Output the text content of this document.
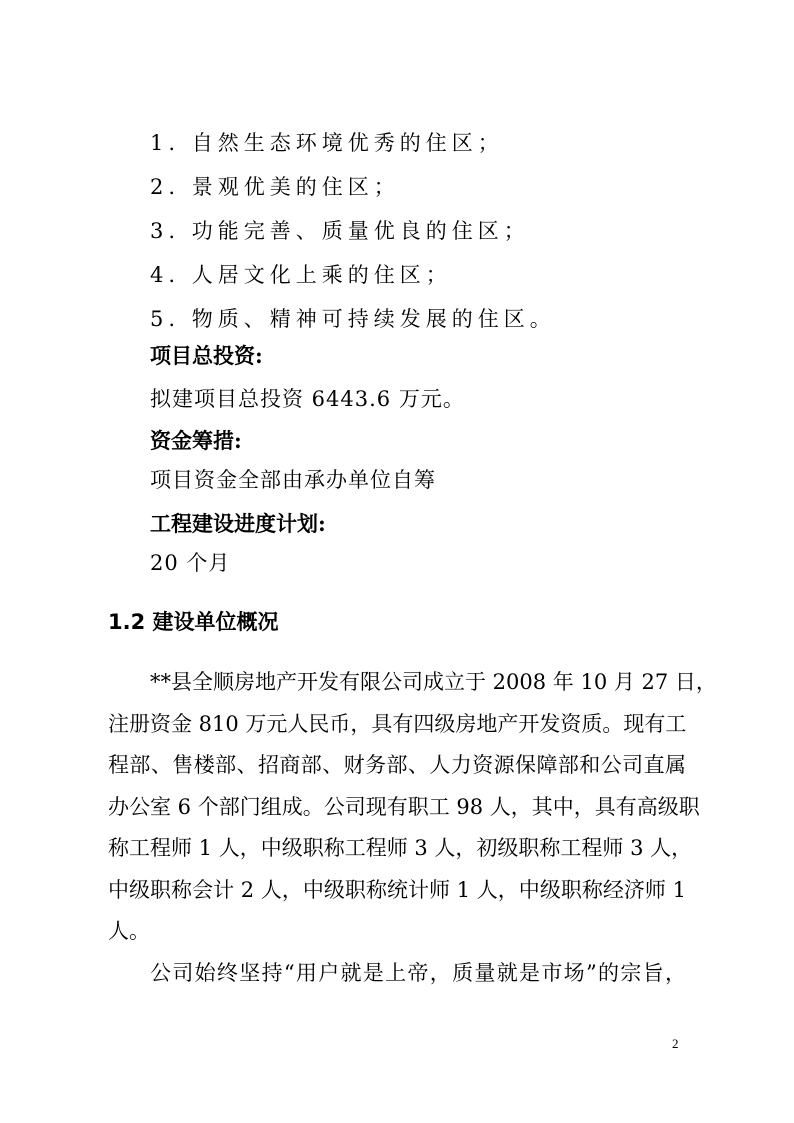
1. 自然生态环境优秀的住区；
2. 景观优美的住区；
3. 功能完善、质量优良的住区；
4. 人居文化上乘的住区；
5. 物质、精神可持续发展的住区。
项目总投资:
拟建项目总投资 6443.6 万元。
资金筹措:
项目资金全部由承办单位自筹
工程建设进度计划:
20 个月
1.2 建设单位概况
**县全顺房地产开发有限公司成立于 2008 年 10 月 27 日，
注册资金 810 万元人民币，具有四级房地产开发资质。现有工
程部、售楼部、招商部、财务部、人力资源保障部和公司直属
办公室 6 个部门组成。公司现有职工 98 人，其中，具有高级职
称工程师 1 人，中级职称工程师 3 人，初级职称工程师 3 人，
中级职称会计 2 人，中级职称统计师 1 人，中级职称经济师 1
人。
公司始终坚持“用户就是上帝，质量就是市场”的宗旨，
2
